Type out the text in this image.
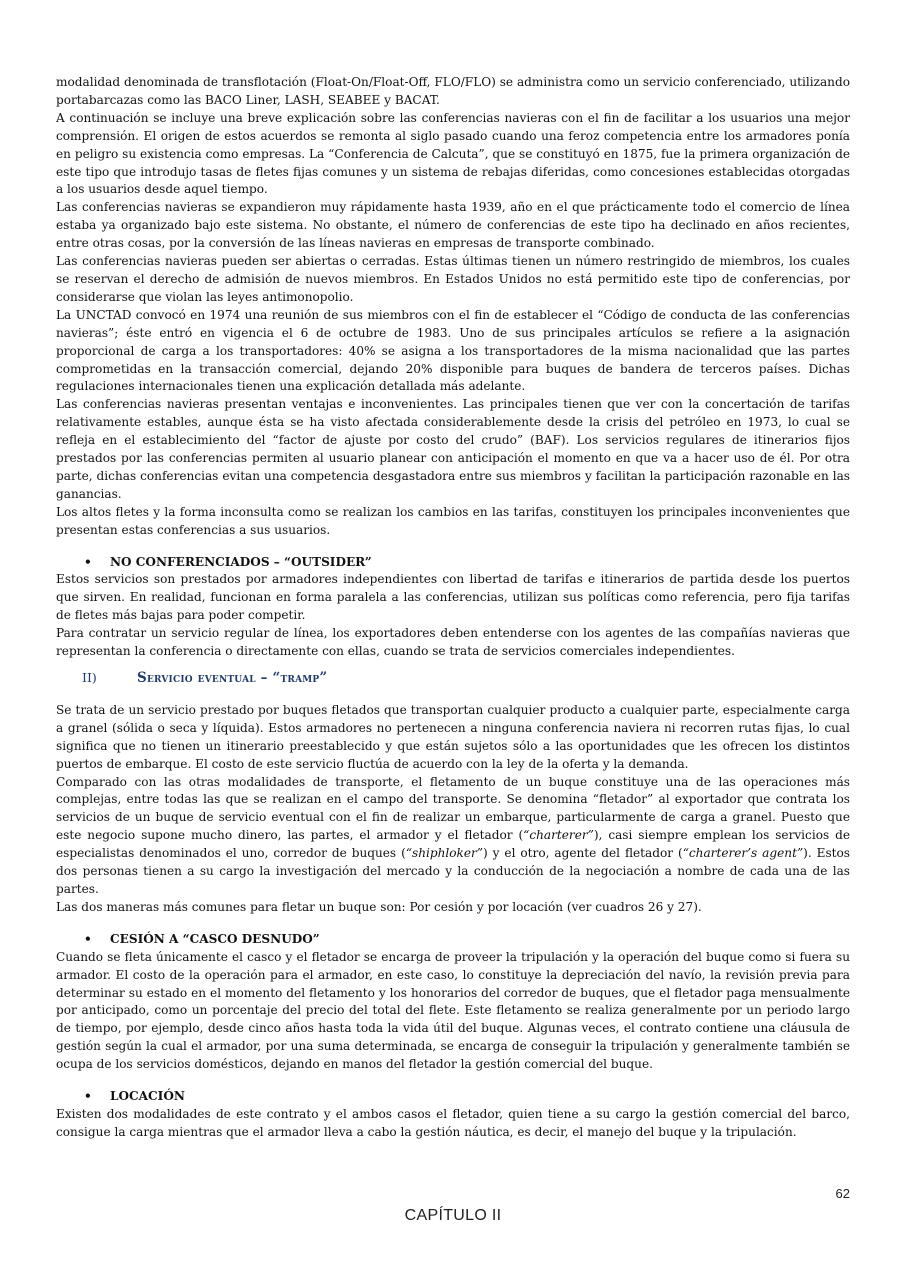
modalidad denominada de transflotación (Float-On/Float-Off, FLO/FLO) se administra como un servicio conferenciado, utilizando portabarcazas como las BACO Liner, LASH, SEABEE y BACAT.

A continuación se incluye una breve explicación sobre las conferencias navieras con el fin de facilitar a los usuarios una mejor comprensión. El origen de estos acuerdos se remonta al siglo pasado cuando una feroz competencia entre los armadores ponía en peligro su existencia como empresas. La “Conferencia de Calcuta”, que se constituyó en 1875, fue la primera organización de este tipo que introdujo tasas de fletes fijas comunes y un sistema de rebajas diferidas, como concesiones establecidas otorgadas a los usuarios desde aquel tiempo.

Las conferencias navieras se expandieron muy rápidamente hasta 1939, año en el que prácticamente todo el comercio de línea estaba ya organizado bajo este sistema. No obstante, el número de conferencias de este tipo ha declinado en años recientes, entre otras cosas, por la conversión de las líneas navieras en empresas de transporte combinado.

Las conferencias navieras pueden ser abiertas o cerradas. Estas últimas tienen un número restringido de miembros, los cuales se reservan el derecho de admisión de nuevos miembros. En Estados Unidos no está permitido este tipo de conferencias, por considerarse que violan las leyes antimonopolio.

La UNCTAD convocó en 1974 una reunión de sus miembros con el fin de establecer el “Código de conducta de las conferencias navieras”; éste entró en vigencia el 6 de octubre de 1983. Uno de sus principales artículos se refiere a la asignación proporcional de carga a los transportadores: 40% se asigna a los transportadores de la misma nacionalidad que las partes comprometidas en la transacción comercial, dejando 20% disponible para buques de bandera de terceros países. Dichas regulaciones internacionales tienen una explicación detallada más adelante.

Las conferencias navieras presentan ventajas e inconvenientes. Las principales tienen que ver con la concertación de tarifas relativamente estables, aunque ésta se ha visto afectada considerablemente desde la crisis del petróleo en 1973, lo cual se refleja en el establecimiento del “factor de ajuste por costo del crudo” (BAF). Los servicios regulares de itinerarios fijos prestados por las conferencias permiten al usuario planear con anticipación el momento en que va a hacer uso de él. Por otra parte, dichas conferencias evitan una competencia desgastadora entre sus miembros y facilitan la participación razonable en las ganancias.

Los altos fletes y la forma inconsulta como se realizan los cambios en las tarifas, constituyen los principales inconvenientes que presentan estas conferencias a sus usuarios.

• NO CONFERENCIADOS – “OUTSIDER”

Estos servicios son prestados por armadores independientes con libertad de tarifas e itinerarios de partida desde los puertos que sirven. En realidad, funcionan en forma paralela a las conferencias, utilizan sus políticas como referencia, pero fija tarifas de fletes más bajas para poder competir.

Para contratar un servicio regular de línea, los exportadores deben entenderse con los agentes de las compañías navieras que representan la conferencia o directamente con ellas, cuando se trata de servicios comerciales independientes.

II)	Servicio eventual – “tramp”

Se trata de un servicio prestado por buques fletados que transportan cualquier producto a cualquier parte, especialmente carga a granel (sólida o seca y líquida). Estos armadores no pertenecen a ninguna conferencia naviera ni recorren rutas fijas, lo cual significa que no tienen un itinerario preestablecido y que están sujetos sólo a las oportunidades que les ofrecen los distintos puertos de embarque. El costo de este servicio fluctúa de acuerdo con la ley de la oferta y la demanda.

Comparado con las otras modalidades de transporte, el fletamento de un buque constituye una de las operaciones más complejas, entre todas las que se realizan en el campo del transporte. Se denomina “fletador” al exportador que contrata los servicios de un buque de servicio eventual con el fin de realizar un embarque, particularmente de carga a granel. Puesto que este negocio supone mucho dinero, las partes, el armador y el fletador (“charterer”), casi siempre emplean los servicios de especialistas denominados el uno, corredor de buques (“shiphloker”) y el otro, agente del fletador (“charterer’s agent”). Estos dos personas tienen a su cargo la investigación del mercado y la conducción de la negociación a nombre de cada una de las partes.

Las dos maneras más comunes para fletar un buque son: Por cesión y por locación (ver cuadros 26 y 27).

• CESIÓN A “CASCO DESNUDO”

Cuando se fleta únicamente el casco y el fletador se encarga de proveer la tripulación y la operación del buque como si fuera su armador. El costo de la operación para el armador, en este caso, lo constituye la depreciación del navío, la revisión previa para determinar su estado en el momento del fletamento y los honorarios del corredor de buques, que el fletador paga mensualmente por anticipado, como un porcentaje del precio del total del flete. Este fletamento se realiza generalmente por un periodo largo de tiempo, por ejemplo, desde cinco años hasta toda la vida útil del buque. Algunas veces, el contrato contiene una cláusula de gestión según la cual el armador, por una suma determinada, se encarga de conseguir la tripulación y generalmente también se ocupa de los servicios domésticos, dejando en manos del fletador la gestión comercial del buque.

• LOCACIÓN

Existen dos modalidades de este contrato y el ambos casos el fletador, quien tiene a su cargo la gestión comercial del barco, consigue la carga mientras que el armador lleva a cabo la gestión náutica, es decir, el manejo del buque y la tripulación.

62
CAPÍTULO II
